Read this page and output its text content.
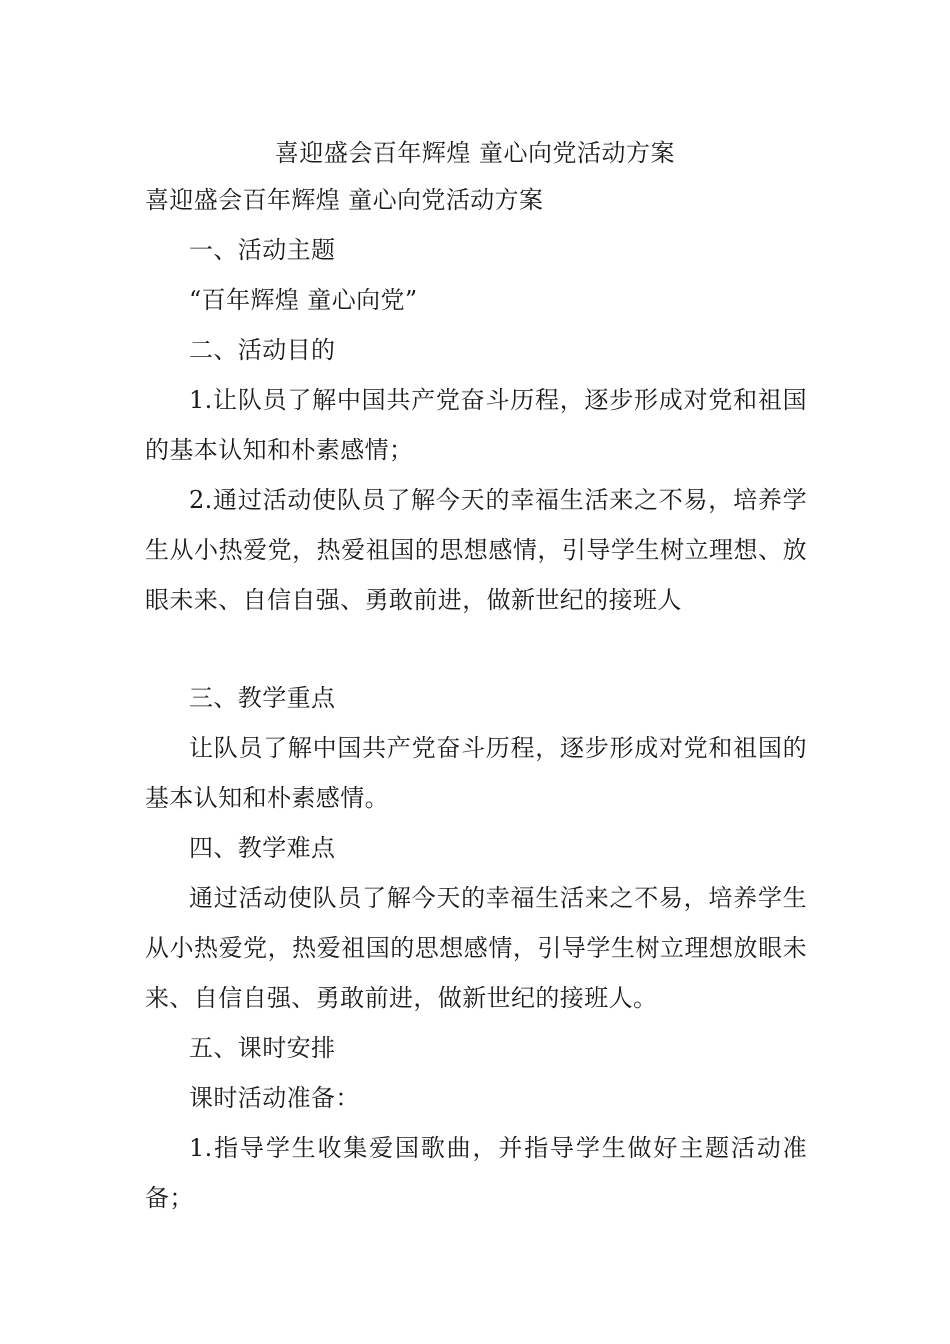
喜迎盛会百年辉煌 童心向党活动方案

喜迎盛会百年辉煌 童心向党活动方案

一、活动主题

“百年辉煌 童心向党”

二、活动目的

1.让队员了解中国共产党奋斗历程，逐步形成对党和祖国的基本认知和朴素感情；

2.通过活动使队员了解今天的幸福生活来之不易，培养学生从小热爱党，热爱祖国的思想感情，引导学生树立理想、放眼未来、自信自强、勇敢前进，做新世纪的接班人

三、教学重点

让队员了解中国共产党奋斗历程，逐步形成对党和祖国的基本认知和朴素感情。

四、教学难点

通过活动使队员了解今天的幸福生活来之不易，培养学生从小热爱党，热爱祖国的思想感情，引导学生树立理想放眼未来、自信自强、勇敢前进，做新世纪的接班人。

五、课时安排

课时活动准备：

1.指导学生收集爱国歌曲，并指导学生做好主题活动准备；
